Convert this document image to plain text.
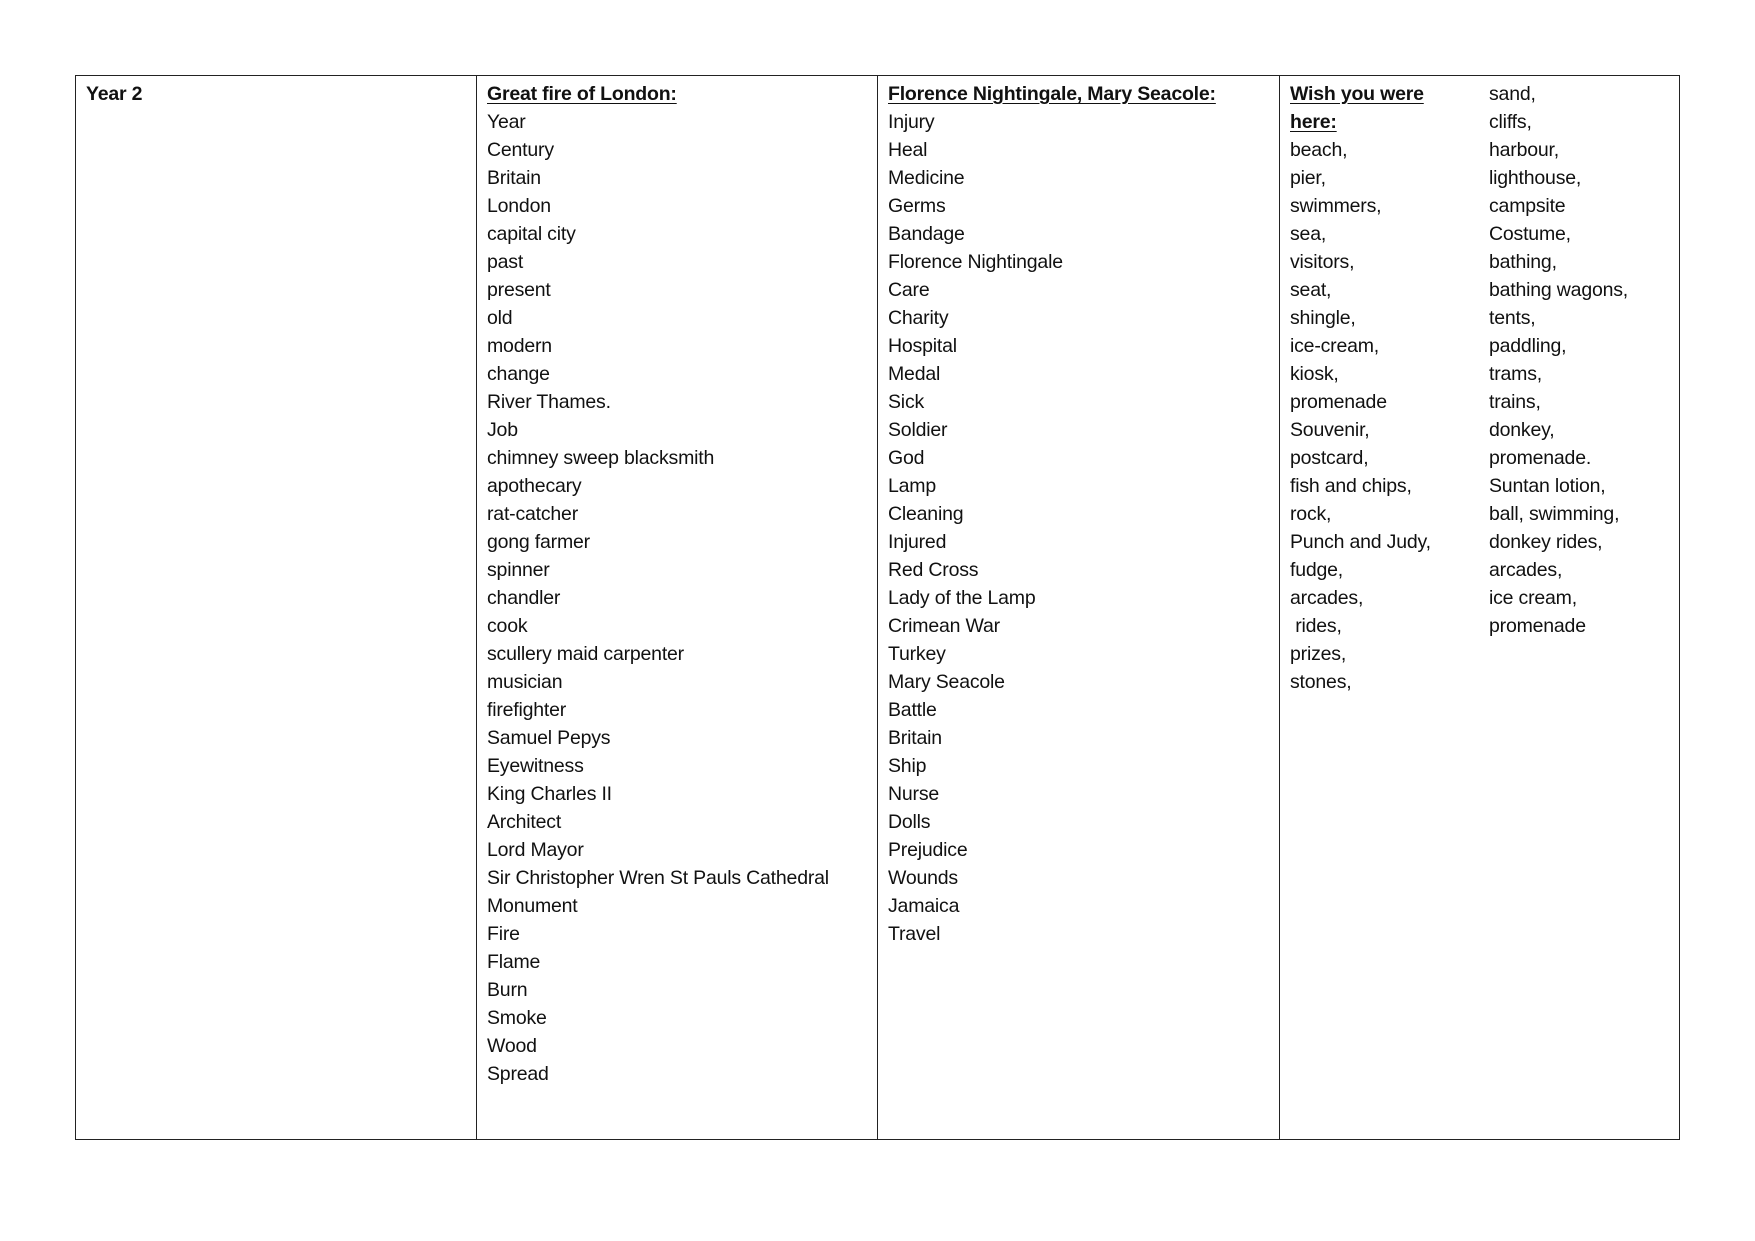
Year 2	Great fire of London:
Year
Century
Britain
London
capital city
past
present
old
modern
change
River Thames.
Job
chimney sweep blacksmith
apothecary
rat-catcher
gong farmer
spinner
chandler
cook
scullery maid carpenter
musician
firefighter
Samuel Pepys
Eyewitness
King Charles II
Architect
Lord Mayor
Sir Christopher Wren St Pauls Cathedral
Monument
Fire
Flame
Burn
Smoke
Wood
Spread
Florence Nightingale, Mary Seacole:
Injury
Heal
Medicine
Germs
Bandage
Florence Nightingale
Care
Charity
Hospital
Medal
Sick
Soldier
God
Lamp
Cleaning
Injured
Red Cross
Lady of the Lamp
Crimean War
Turkey
Mary Seacole
Battle
Britain
Ship
Nurse
Dolls
Prejudice
Wounds
Jamaica
Travel
Wish you were
here:
beach,
pier,
swimmers,
sea,
visitors,
seat,
shingle,
ice-cream,
kiosk,
promenade
Souvenir,
postcard,
fish and chips,
rock,
Punch and Judy,
fudge,
arcades,
rides,
prizes,
stones,
sand,
cliffs,
harbour,
lighthouse,
campsite
Costume,
bathing,
bathing wagons,
tents,
paddling,
trams,
trains,
donkey,
promenade.
Suntan lotion,
ball, swimming,
donkey rides,
arcades,
ice cream,
promenade
